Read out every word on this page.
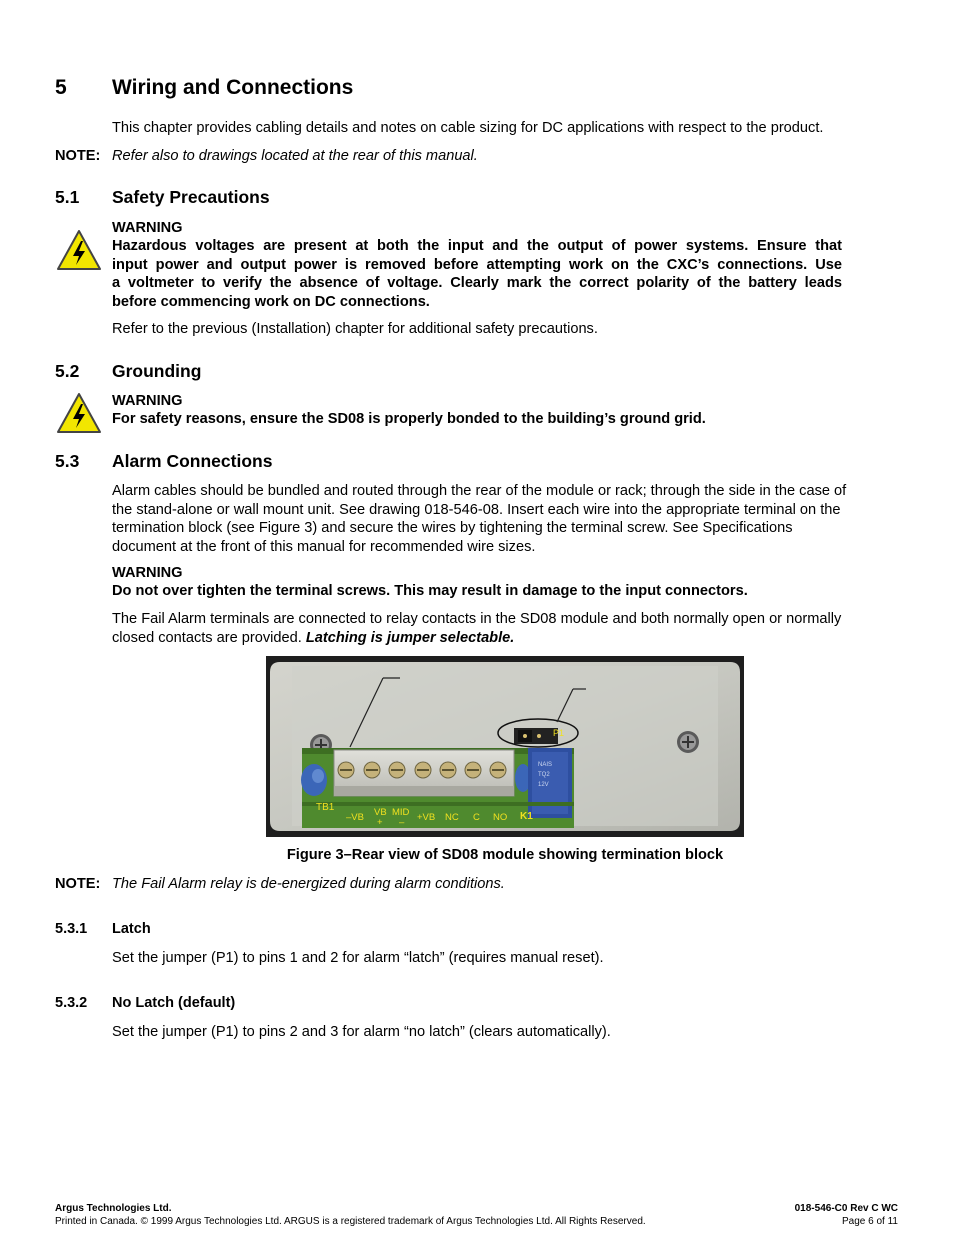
5 Wiring and Connections
This chapter provides cabling details and notes on cable sizing for DC applications with respect to the product.
NOTE: Refer also to drawings located at the rear of this manual.
5.1 Safety Precautions
WARNING
Hazardous voltages are present at both the input and the output of power systems. Ensure that
input power and output power is removed before attempting work on the CXC’s connections. Use
a voltmeter to verify the absence of voltage. Clearly mark the correct polarity of the battery leads
before commencing work on DC connections.
Refer to the previous (Installation) chapter for additional safety precautions.
5.2 Grounding
WARNING
For safety reasons, ensure the SD08 is properly bonded to the building’s ground grid.
5.3 Alarm Connections
Alarm cables should be bundled and routed through the rear of the module or rack; through the side in the case of
the stand-alone or wall mount unit. See drawing 018-546-08. Insert each wire into the appropriate terminal on the
termination block (see Figure 3) and secure the wires by tightening the terminal screw. See Specifications
document at the front of this manual for recommended wire sizes.
WARNING
Do not over tighten the terminal screws. This may result in damage to the input connectors.
The Fail Alarm terminals are connected to relay contacts in the SD08 module and both normally open or normally
closed contacts are provided. Latching is jumper selectable.
NAIS
TQ2
12V
TB1
P1
K1
–VB VB
+
MID
– +VB NC C NO
Figure 3–Rear view of SD08 module showing termination block
NOTE: The Fail Alarm relay is de-energized during alarm conditions.
5.3.1 Latch
Set the jumper (P1) to pins 1 and 2 for alarm “latch” (requires manual reset).
5.3.2 No Latch (default)
Set the jumper (P1) to pins 2 and 3 for alarm “no latch” (clears automatically).
Argus Technologies Ltd.
Printed in Canada. © 1999 Argus Technologies Ltd. ARGUS is a registered trademark of Argus Technologies Ltd. All Rights Reserved.
018-546-C0 Rev C WC
Page 6 of 11
